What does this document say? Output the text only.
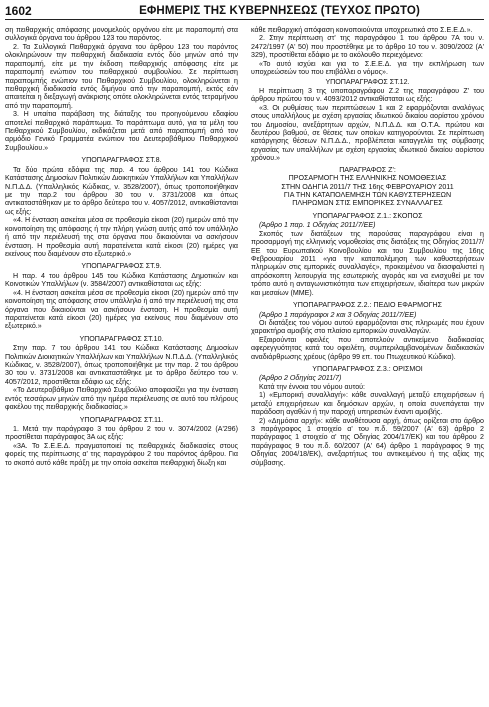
1602	ΕΦΗΜΕΡΙΣ ΤΗΣ ΚΥΒΕΡΝΗΣΕΩΣ (ΤΕΥΧΟΣ ΠΡΩΤΟ)

ση πειθαρχικής απόφασης μονομελούς οργάνου είτε με παραπομπή στα συλλογικά όργανα του άρθρου 123 του παρόντος.

2. Τα Συλλογικά Πειθαρχικά όργανα του άρθρου 123 του παρόντος ολοκληρώνουν την πειθαρχική διαδικασία εντός δύο μηνών από την παραπομπή, είτε με την έκδοση πειθαρχικής απόφασης είτε με παραπομπή ενώπιον του πειθαρχικού συμβουλίου. Σε περίπτωση παραπομπής ενώπιον του Πειθαρχικού Συμβουλίου, ολοκληρώνεται η πειθαρχική διαδικασία εντός διμήνου από την παραπομπή, εκτός εάν απαιτείται η διεξαγωγή ανάκρισης οπότε ολοκληρώνεται εντός τετραμήνου από την παραπομπή.

3. Η υπαίτια παράβαση της διάταξης του προηγούμενου εδαφίου αποτελεί πειθαρχικό παράπτωμα. Το παράπτωμα αυτό, για τα μέλη του Πειθαρχικού Συμβουλίου, εκδικάζεται μετά από παραπομπή από τον αρμόδιο Γενικό Γραμματέα ενώπιον του Δευτεροβάθμιου Πειθαρχικού Συμβουλίου.»

ΥΠΟΠΑΡΑΓΡΑΦΟΣ ΣΤ.8.

Τα δύο πρώτα εδάφια της παρ. 4 του άρθρου 141 του Κώδικα Κατάστασης Δημοσίων Πολιτικών Διοικητικών Υπαλλήλων και Υπαλλήλων Ν.Π.Δ.Δ. (Υπαλληλικός Κώδικας, ν. 3528/2007), όπως τροποποιήθηκαν με την παρ.2 του άρθρου 30 του ν. 3731/2008 και όπως αντικαταστάθηκαν με το άρθρο δεύτερο του ν. 4057/2012, αντικαθίστανται ως εξής:

«4. Η ένσταση ασκείται μέσα σε προθεσμία είκοσι (20) ημερών από την κοινοποίηση της απόφασης ή την πλήρη γνώση αυτής από τον υπάλληλο ή από την περιέλευσή της στα όργανα που δικαιούνται να ασκήσουν ένσταση. Η προθεσμία αυτή παρατείνεται κατά είκοσι (20) ημέρες για εκείνους που διαμένουν στο εξωτερικό.»

ΥΠΟΠΑΡΑΓΡΑΦΟΣ ΣΤ.9.

Η παρ. 4 του άρθρου 145 του Κώδικα Κατάστασης Δημοτικών και Κοινοτικών Υπαλλήλων (ν. 3584/2007) αντικαθίσταται ως εξής:

«4. Η ένσταση ασκείται μέσα σε προθεσμία είκοσι (20) ημερών από την κοινοποίηση της απόφασης στον υπάλληλο ή από την περιέλευσή της στα όργανα που δικαιούνται να ασκήσουν ένσταση. Η προθεσμία αυτή παρατείνεται κατά είκοσι (20) ημέρες για εκείνους που διαμένουν στο εξωτερικό.»

ΥΠΟΠΑΡΑΓΡΑΦΟΣ ΣΤ.10.

Στην παρ. 7 του άρθρου 141 του Κώδικα Κατάστασης Δημοσίων Πολιτικών Διοικητικών Υπαλλήλων και Υπαλλήλων Ν.Π.Δ.Δ. (Υπαλληλικός Κώδικας, ν. 3528/2007), όπως τροποποιήθηκε με την παρ. 2 του άρθρου 30 του ν. 3731/2008 και αντικαταστάθηκε με το άρθρο δεύτερο του ν. 4057/2012, προστίθεται εδάφιο ως εξής:

«Το Δευτεροβάθμιο Πειθαρχικό Συμβούλιο αποφασίζει για την ένσταση εντός τεσσάρων μηνών από την ημέρα περιέλευσης σε αυτό του πλήρους φακέλου της πειθαρχικής διαδικασίας.»

ΥΠΟΠΑΡΑΓΡΑΦΟΣ ΣΤ.11.

1. Μετά την παράγραφο 3 του άρθρου 2 του ν. 3074/2002 (Α'296) προστίθεται παράγραφος 3Α ως εξής:

«3Α. Το Σ.Ε.Ε.Δ. πραγματοποιεί τις πειθαρχικές διαδικασίες στους φορείς της περίπτωσης α' της παραγράφου 2 του παρόντος άρθρου. Για το σκοπό αυτό κάθε πράξη με την οποία ασκείται πειθαρχική δίωξη και

κάθε πειθαρχική απόφαση κοινοποιούνται υποχρεωτικά στο Σ.Ε.Ε.Δ.».

2. Στην περίπτωση στ' της παραγράφου 1 του άρθρου 7Α του ν. 2472/1997 (Α' 50) που προστέθηκε με το άρθρο 10 του ν. 3090/2002 (Α' 329), προστίθεται εδάφιο με το ακόλουθο περιεχόμενο:

«Το αυτό ισχύει και για το Σ.Ε.Ε.Δ. για την εκπλήρωση των υποχρεώσεών του που επιβάλλει ο νόμος».

ΥΠΟΠΑΡΑΓΡΑΦΟΣ ΣΤ.12.

Η περίπτωση 3 της υποπαραγράφου Ζ.2 της παραγράφου Ζ' του άρθρου πρώτου του ν. 4093/2012 αντικαθίσταται ως εξής:

«3. Οι ρυθμίσεις των περιπτώσεων 1 και 2 εφαρμόζονται αναλόγως στους υπαλλήλους με σχέση εργασίας ιδιωτικού δικαίου αορίστου χρόνου του Δημοσίου, ανεξάρτητων αρχών, Ν.Π.Δ.Δ. και Ο.Τ.Α. πρώτου και δευτέρου βαθμού, σε θέσεις των οποίων κατηγορούνται. Σε περίπτωση κατάργησης θέσεων Ν.Π.Δ.Δ., προβλέπεται καταγγελία της σύμβασης εργασίας των υπαλλήλων με σχέση εργασίας ιδιωτικού δικαίου αορίστου χρόνου.»

ΠΑΡΑΓΡΑΦΟΣ Ζ':

ΠΡΟΣΑΡΜΟΓΗ ΤΗΣ ΕΛΛΗΝΙΚΗΣ ΝΟΜΟΘΕΣΙΑΣ

ΣΤΗΝ ΟΔΗΓΙΑ 2011/7 ΤΗΣ 16ης ΦΕΒΡΟΥΑΡΙΟΥ 2011

ΓΙΑ ΤΗΝ ΚΑΤΑΠΟΛΕΜΗΣΗ ΤΩΝ ΚΑΘΥΣΤΕΡΗΣΕΩΝ

ΠΛΗΡΩΜΩΝ ΣΤΙΣ ΕΜΠΟΡΙΚΕΣ ΣΥΝΑΛΛΑΓΕΣ

ΥΠΟΠΑΡΑΓΡΑΦΟΣ Ζ.1.: ΣΚΟΠΟΣ

(Άρθρο 1 παρ. 1 Οδηγίας 2011/7/ΕΕ)

Σκοπός των διατάξεων της παρούσας παραγράφου είναι η προσαρμογή της ελληνικής νομοθεσίας στις διατάξεις της Οδηγίας 2011/7/ΕΕ του Ευρωπαϊκού Κοινοβουλίου και του Συμβουλίου της 16ης Φεβρουαρίου 2011 «για την καταπολέμηση των καθυστερήσεων πληρωμών στις εμπορικές συναλλαγές», προκειμένου να διασφαλιστεί η απρόσκοπτη λειτουργία της εσωτερικής αγοράς και να ενισχυθεί με τον τρόπο αυτό η ανταγωνιστικότητα των επιχειρήσεων, ιδιαίτερα των μικρών και μεσαίων (ΜΜΕ).

ΥΠΟΠΑΡΑΓΡΑΦΟΣ Ζ.2.: ΠΕΔΙΟ ΕΦΑΡΜΟΓΗΣ

(Άρθρο 1 παράγραφοι 2 και 3 Οδηγίας 2011/7/ΕΕ)

Οι διατάξεις του νόμου αυτού εφαρμόζονται στις πληρωμές που έχουν χαρακτήρα αμοιβής στο πλαίσιο εμπορικών συναλλαγών.

Εξαιρούνται οφειλές που αποτελούν αντικείμενο διαδικασίας αφερεγγυότητας κατά του οφειλέτη, συμπεριλαμβανομένων διαδικασιών αναδιάρθρωσης χρέους (άρθρο 99 επ. του Πτωχευτικού Κώδικα).

ΥΠΟΠΑΡΑΓΡΑΦΟΣ Ζ.3.: ΟΡΙΣΜΟΙ

(Άρθρο 2 Οδηγίας 2011/7)

Κατά την έννοια του νόμου αυτού:

1) «Εμπορική συναλλαγή»: κάθε συναλλαγή μεταξύ επιχειρήσεων ή μεταξύ επιχειρήσεων και δημόσιων αρχών, η οποία συνεπάγεται την παράδοση αγαθών ή την παροχή υπηρεσιών έναντι αμοιβής.

2) «Δημόσια αρχή»: κάθε αναθέτουσα αρχή, όπως ορίζεται στο άρθρο 3 παράγραφος 1 στοιχείο α' του π.δ. 59/2007 (Α' 63) άρθρο 2 παράγραφος 1 στοιχείο α' της Οδηγίας 2004/17/ΕΚ) και του άρθρου 2 παράγραφος 9 του π.δ. 60/2007 (Α' 64) άρθρο 1 παράγραφος 9 της Οδηγίας 2004/18/ΕΚ), ανεξαρτήτως του αντικειμένου ή της αξίας της σύμβασης.
